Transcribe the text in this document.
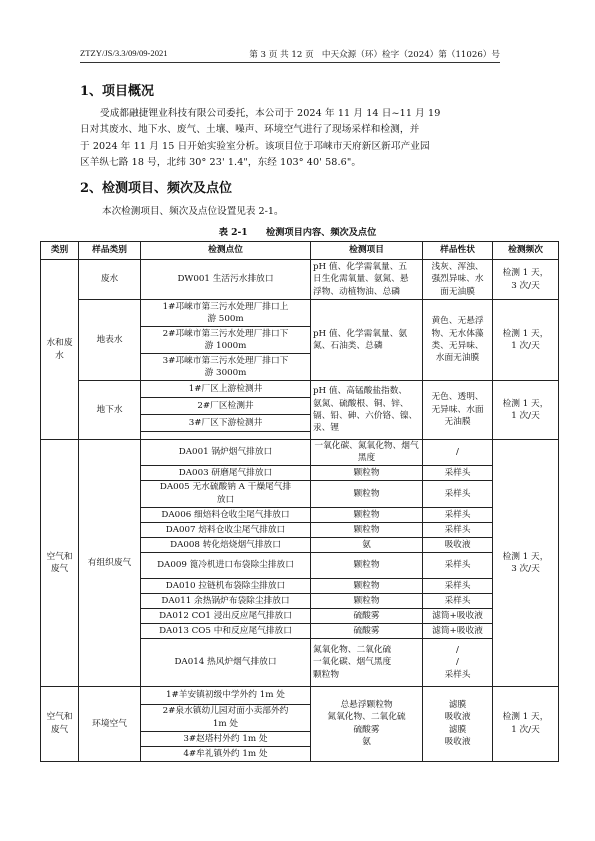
ZTZY/JS/3.3/09/09-2021	第 3 页 共 12 页 中天众源（环）检字（2024）第（11026）号
1、项目概况
受成都融捷锂业科技有限公司委托，本公司于 2024 年 11 月 14 日~11 月 19
日对其废水、地下水、废气、土壤、噪声、环境空气进行了现场采样和检测，并
于 2024 年 11 月 15 日开始实验室分析。该项目位于邛崃市天府新区新邛产业园
区羊纵七路 18 号，北纬 30° 23' 1.4"，东经 103° 40' 58.6"。
2、检测项目、频次及点位
本次检测项目、频次及点位设置见表 2-1。
表 2-1　　检测项目内容、频次及点位
类别	样品类别	检测点位	检测项目	样品性状	检测频次
水和废水	废水	DW001 生活污水排放口	pH 值、化学需氧量、五
日生化需氧量、氨氮、悬
浮物、动植物油、总磷	浅灰、浑浊、
强烈异味、水
面无油膜	检测 1 天，
3 次/天

	地表水	1#邛崃市第三污水处理厂排口上
游 500m	pH 值、化学需氧量、氨
氮、石油类、总磷	黄色、无悬浮
物、无水体藻
类、无异味、
水面无油膜	检测 1 天，
1 次/天

		2#邛崃市第三污水处理厂排口下
游 1000m			

		3#邛崃市第三污水处理厂排口下
游 3000m			

	地下水	1#厂区上游检测井	pH 值、高锰酸盐指数、
氨氮、硫酸根、铜、锌、
镉、铅、砷、六价铬、镍、
汞、锂	无色、透明、
无异味、水面
无油膜	检测 1 天，
1 次/天

		2#厂区检测井			
		3#厂区下游检测井			

空气和废气	有组织废气	DA001 锅炉烟气排放口	一氧化碳、氮氧化物、烟气黑度	/	检测 1 天，
3 次/天

		DA003 研磨尾气排放口	颗粒物	采样头	

		DA005 无水硫酸钠 A 干燥尾气排
放口	颗粒物	采样头	
		DA006 细焙料仓收尘尾气排放口	颗粒物	采样头	
		DA007 焙料仓收尘尾气排放口	颗粒物	采样头	
		DA008 转化焙烧烟气排放口	氨	吸收液	
		DA009 篦冷机进口布袋除尘排放口	颗粒物	采样头	
		DA010 拉链机布袋除尘排放口	颗粒物	采样头	
		DA011 余热锅炉布袋除尘排放口	颗粒物	采样头	
		DA012 CO1 浸出反应尾气排放口	硫酸雾	滤筒+吸收液	
		DA013 CO5 中和反应尾气排放口	硫酸雾	滤筒+吸收液	
		DA014 热风炉烟气排放口	氮氧化物、二氧化硫
一氧化碳、烟气黑度
颗粒物	/
/
采样头	

空气和废气	环境空气	1#羊安镇初级中学外约 1m 处	总悬浮颗粒物
氮氧化物、二氧化硫
硫酸雾
氨	滤膜
吸收液
滤膜
吸收液	检测 1 天，
1 次/天

		2#泉水镇幼儿园对面小卖部外约
1m 处			

		3#赵塔村外约 1m 处			
		4#牟礼镇外约 1m 处			
